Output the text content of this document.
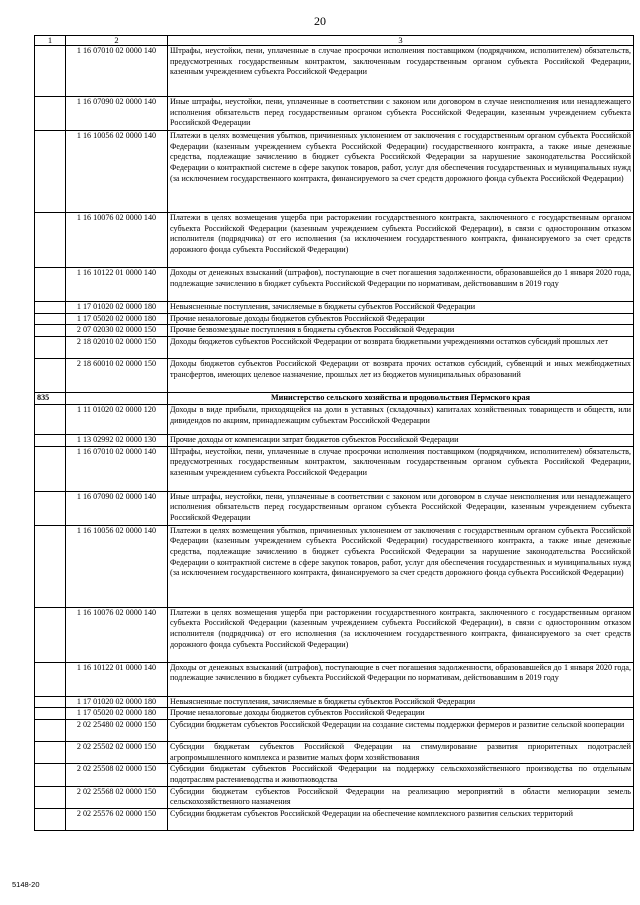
20
1	2	3
	1 16 07010 02 0000 140	Штрафы, неустойки, пени, уплаченные в случае просрочки исполнения поставщиком (подрядчиком, исполнителем) обязательств, предусмотренных государственным контрактом, заключенным государственным органом субъекта Российской Федерации, казенным учреждением субъекта Российской Федерации
	1 16 07090 02 0000 140	Иные штрафы, неустойки, пени, уплаченные в соответствии с законом или договором в случае неисполнения или ненадлежащего исполнения обязательств перед государственным органом субъекта Российской Федерации, казенным учреждением субъекта Российской Федерации
	1 16 10056 02 0000 140	Платежи в целях возмещения убытков, причиненных уклонением от заключения с государственным органом субъекта Российской Федерации (казенным учреждением субъекта Российской Федерации) государственного контракта, а также иные денежные средства, подлежащие зачислению в бюджет субъекта Российской Федерации за нарушение законодательства Российской Федерации о контрактной системе в сфере закупок товаров, работ, услуг для обеспечения государственных и муниципальных нужд (за исключением государственного контракта, финансируемого за счет средств дорожного фонда субъекта Российской Федерации)
	1 16 10076 02 0000 140	Платежи в целях возмещения ущерба при расторжении государственного контракта, заключенного с государственным органом субъекта Российской Федерации (казенным учреждением субъекта Российской Федерации), в связи с односторонним отказом исполнителя (подрядчика) от его исполнения (за исключением государственного контракта, финансируемого за счет средств дорожного фонда субъекта Российской Федерации)
	1 16 10122 01 0000 140	Доходы от денежных взысканий (штрафов), поступающие в счет погашения задолженности, образовавшейся до 1 января 2020 года, подлежащие зачислению в бюджет субъекта Российской Федерации по нормативам, действовавшим в 2019 году
	1 17 01020 02 0000 180	Невыясненные поступления, зачисляемые в бюджеты субъектов Российской Федерации
	1 17 05020 02 0000 180	Прочие неналоговые доходы бюджетов субъектов Российской Федерации
	2 07 02030 02 0000 150	Прочие безвозмездные поступления в бюджеты субъектов Российской Федерации
	2 18 02010 02 0000 150	Доходы бюджетов субъектов Российской Федерации от возврата бюджетными учреждениями остатков субсидий прошлых лет
	2 18 60010 02 0000 150	Доходы бюджетов субъектов Российской Федерации от возврата прочих остатков субсидий, субвенций и иных межбюджетных трансфертов, имеющих целевое назначение, прошлых лет из бюджетов муниципальных образований
835		Министерство сельского хозяйства и продовольствия Пермского края
	1 11 01020 02 0000 120	Доходы в виде прибыли, приходящейся на доли в уставных (складочных) капиталах хозяйственных товариществ и обществ, или дивидендов по акциям, принадлежащим субъектам Российской Федерации
	1 13 02992 02 0000 130	Прочие доходы от компенсации затрат бюджетов субъектов Российской Федерации
	1 16 07010 02 0000 140	Штрафы, неустойки, пени, уплаченные в случае просрочки исполнения поставщиком (подрядчиком, исполнителем) обязательств, предусмотренных государственным контрактом, заключенным государственным органом субъекта Российской Федерации, казенным учреждением субъекта Российской Федерации
	1 16 07090 02 0000 140	Иные штрафы, неустойки, пени, уплаченные в соответствии с законом или договором в случае неисполнения или ненадлежащего исполнения обязательств перед государственным органом субъекта Российской Федерации, казенным учреждением субъекта Российской Федерации
	1 16 10056 02 0000 140	Платежи в целях возмещения убытков, причиненных уклонением от заключения с государственным органом субъекта Российской Федерации (казенным учреждением субъекта Российской Федерации) государственного контракта, а также иные денежные средства, подлежащие зачислению в бюджет субъекта Российской Федерации за нарушение законодательства Российской Федерации о контрактной системе в сфере закупок товаров, работ, услуг для обеспечения государственных и муниципальных нужд (за исключением государственного контракта, финансируемого за счет средств дорожного фонда субъекта Российской Федерации)
	1 16 10076 02 0000 140	Платежи в целях возмещения ущерба при расторжении государственного контракта, заключенного с государственным органом субъекта Российской Федерации (казенным учреждением субъекта Российской Федерации), в связи с односторонним отказом исполнителя (подрядчика) от его исполнения (за исключением государственного контракта, финансируемого за счет средств дорожного фонда субъекта Российской Федерации)
	1 16 10122 01 0000 140	Доходы от денежных взысканий (штрафов), поступающие в счет погашения задолженности, образовавшейся до 1 января 2020 года, подлежащие зачислению в бюджет субъекта Российской Федерации по нормативам, действовавшим в 2019 году
	1 17 01020 02 0000 180	Невыясненные поступления, зачисляемые в бюджеты субъектов Российской Федерации
	1 17 05020 02 0000 180	Прочие неналоговые доходы бюджетов субъектов Российской Федерации
	2 02 25480 02 0000 150	Субсидии бюджетам субъектов Российской Федерации на создание системы поддержки фермеров и развитие сельской кооперации
	2 02 25502 02 0000 150	Субсидии бюджетам субъектов Российской Федерации на стимулирование развития приоритетных подотраслей агропромышленного комплекса и развитие малых форм хозяйствования
	2 02 25508 02 0000 150	Субсидии бюджетам субъектов Российской Федерации на поддержку сельскохозяйственного производства по отдельным подотраслям растениеводства и животноводства
	2 02 25568 02 0000 150	Субсидии бюджетам субъектов Российской Федерации на реализацию мероприятий в области мелиорации земель сельскохозяйственного назначения
	2 02 25576 02 0000 150	Субсидии бюджетам субъектов Российской Федерации на обеспечение комплексного развития сельских территорий
5148-20
